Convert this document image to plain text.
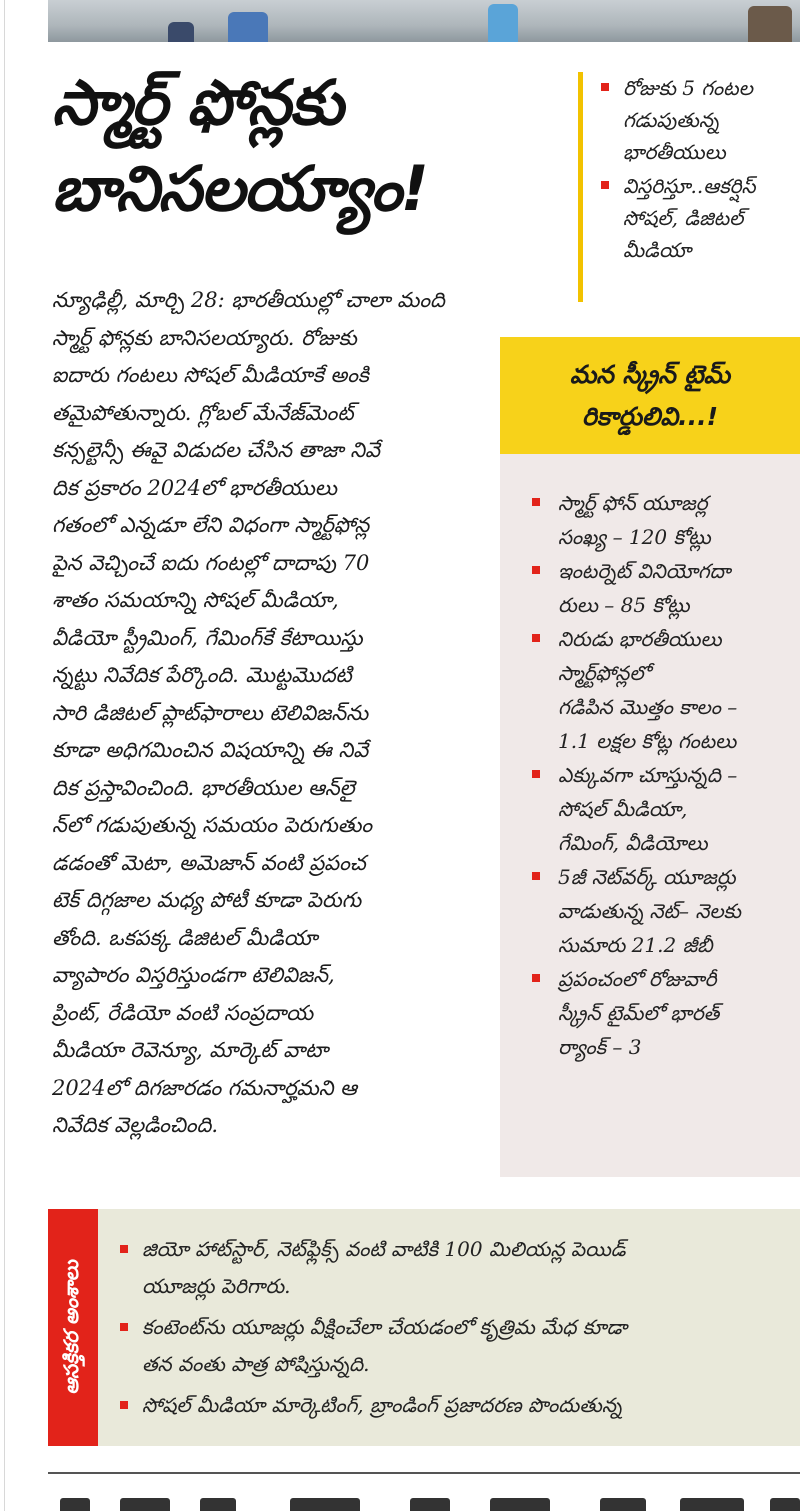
స్మార్ట్ ఫోన్లకు
బానిసలయ్యాం!
రోజుకు 5 గంటల
గడుపుతున్న
భారతీయులు
విస్తరిస్తూ..ఆకర్షిస్
సోషల్, డిజిటల్
మీడియా

న్యూఢిల్లీ, మార్చి 28: భారతీయుల్లో చాలా మంది
స్మార్ట్ ఫోన్లకు బానిసలయ్యారు. రోజుకు
ఐదారు గంటలు సోషల్ మీడియాకే అంకి
తమైపోతున్నారు. గ్లోబల్ మేనేజ్‌మెంట్
కన్సల్టెన్సీ ఈవై విడుదల చేసిన తాజా నివే
దిక ప్రకారం 2024లో భారతీయులు
గతంలో ఎన్నడూ లేని విధంగా స్మార్ట్‌ఫోన్ల
పైన వెచ్చించే ఐదు గంటల్లో దాదాపు 70
శాతం సమయాన్ని సోషల్ మీడియా,
వీడియో స్ట్రీమింగ్, గేమింగ్‌కే కేటాయిస్తు
న్నట్టు నివేదిక పేర్కొంది. మొట్టమొదటి
సారి డిజిటల్ ప్లాట్‌ఫారాలు టెలివిజన్‌ను
కూడా అధిగమించిన విషయాన్ని ఈ నివే
దిక ప్రస్తావించింది. భారతీయుల ఆన్‌లై
న్‌లో గడుపుతున్న సమయం పెరుగుతుం
డడంతో మెటా, అమెజాన్ వంటి ప్రపంచ
టెక్ దిగ్గజాల మధ్య పోటీ కూడా పెరుగు
తోంది. ఒకపక్క డిజిటల్ మీడియా
వ్యాపారం విస్తరిస్తుండగా టెలివిజన్,
ప్రింట్, రేడియో వంటి సంప్రదాయ
మీడియా రెవెన్యూ, మార్కెట్ వాటా
2024లో దిగజారడం గమనార్హమని ఆ
నివేదిక వెల్లడించింది.

మన స్క్రీన్ టైమ్
రికార్డులివి...!
స్మార్ట్ ఫోన్ యూజర్ల
సంఖ్య – 120 కోట్లు
ఇంటర్నెట్ వినియోగదా
రులు – 85 కోట్లు
నిరుడు భారతీయులు
స్మార్ట్‌ఫోన్లలో
గడిపిన మొత్తం కాలం –
1.1 లక్షల కోట్ల గంటలు
ఎక్కువగా చూస్తున్నది –
సోషల్ మీడియా,
గేమింగ్, వీడియోలు
5జీ నెట్‌వర్క్ యూజర్లు
వాడుతున్న నెట్– నెలకు
సుమారు 21.2 జీబీ
ప్రపంచంలో రోజువారీ
స్క్రీన్ టైమ్‌లో భారత్
ర్యాంక్ – 3
ఆసక్తికర అంశాలు
జియో హాట్‌స్టార్, నెట్‌ఫ్లిక్స్ వంటి వాటికి 100 మిలియన్ల పెయిడ్
యూజర్లు పెరిగారు.
కంటెంట్‌ను యూజర్లు వీక్షించేలా చేయడంలో కృత్రిమ మేధ కూడా
తన వంతు పాత్ర పోషిస్తున్నది.
సోషల్ మీడియా మార్కెటింగ్, బ్రాండింగ్ ప్రజాదరణ పొందుతున్న
